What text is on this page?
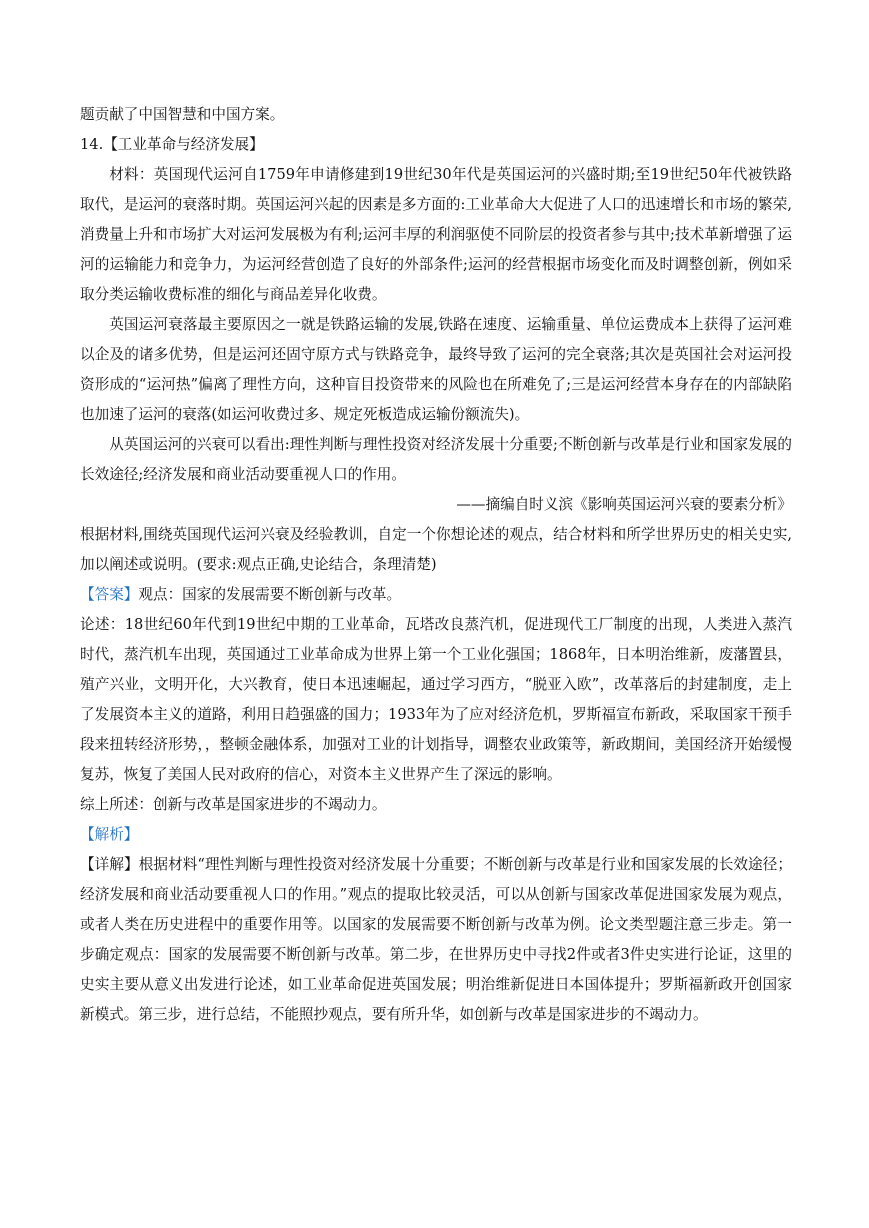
题贡献了中国智慧和中国方案。

14.【工业革命与经济发展】

材料：英国现代运河自1759年申请修建到19世纪30年代是英国运河的兴盛时期;至19世纪50年代被铁路取代，是运河的衰落时期。英国运河兴起的因素是多方面的:工业革命大大促进了人口的迅速增长和市场的繁荣,消费量上升和市场扩大对运河发展极为有利;运河丰厚的利润驱使不同阶层的投资者参与其中;技术革新增强了运河的运输能力和竞争力，为运河经营创造了良好的外部条件;运河的经营根据市场变化而及时调整创新，例如采取分类运输收费标准的细化与商品差异化收费。

英国运河衰落最主要原因之一就是铁路运输的发展,铁路在速度、运输重量、单位运费成本上获得了运河难以企及的诸多优势，但是运河还固守原方式与铁路竞争，最终导致了运河的完全衰落;其次是英国社会对运河投资形成的“运河热”偏离了理性方向，这种盲目投资带来的风险也在所难免了;三是运河经营本身存在的内部缺陷也加速了运河的衰落(如运河收费过多、规定死板造成运输份额流失)。

从英国运河的兴衰可以看出:理性判断与理性投资对经济发展十分重要;不断创新与改革是行业和国家发展的长效途径;经济发展和商业活动要重视人口的作用。

——摘编自时义滨《影响英国运河兴衰的要素分析》

根据材料,围绕英国现代运河兴衰及经验教训，自定一个你想论述的观点，结合材料和所学世界历史的相关史实,加以阐述或说明。(要求:观点正确,史论结合，条理清楚)

【答案】观点：国家的发展需要不断创新与改革。

论述：18世纪60年代到19世纪中期的工业革命，瓦塔改良蒸汽机，促进现代工厂制度的出现，人类进入蒸汽时代，蒸汽机车出现，英国通过工业革命成为世界上第一个工业化强国；1868年，日本明治维新，废藩置县，殖产兴业，文明开化，大兴教育，使日本迅速崛起，通过学习西方，“脱亚入欧”，改革落后的封建制度，走上了发展资本主义的道路，利用日趋强盛的国力；1933年为了应对经济危机，罗斯福宣布新政，采取国家干预手段来扭转经济形势，，整顿金融体系，加强对工业的计划指导，调整农业政策等，新政期间，美国经济开始缓慢复苏，恢复了美国人民对政府的信心，对资本主义世界产生了深远的影响。

综上所述：创新与改革是国家进步的不竭动力。

【解析】

【详解】根据材料“理性判断与理性投资对经济发展十分重要；不断创新与改革是行业和国家发展的长效途径；经济发展和商业活动要重视人口的作用。”观点的提取比较灵活，可以从创新与国家改革促进国家发展为观点，或者人类在历史进程中的重要作用等。以国家的发展需要不断创新与改革为例。论文类型题注意三步走。第一步确定观点：国家的发展需要不断创新与改革。第二步，在世界历史中寻找2件或者3件史实进行论证，这里的史实主要从意义出发进行论述，如工业革命促进英国发展；明治维新促进日本国体提升；罗斯福新政开创国家新模式。第三步，进行总结，不能照抄观点，要有所升华，如创新与改革是国家进步的不竭动力。
